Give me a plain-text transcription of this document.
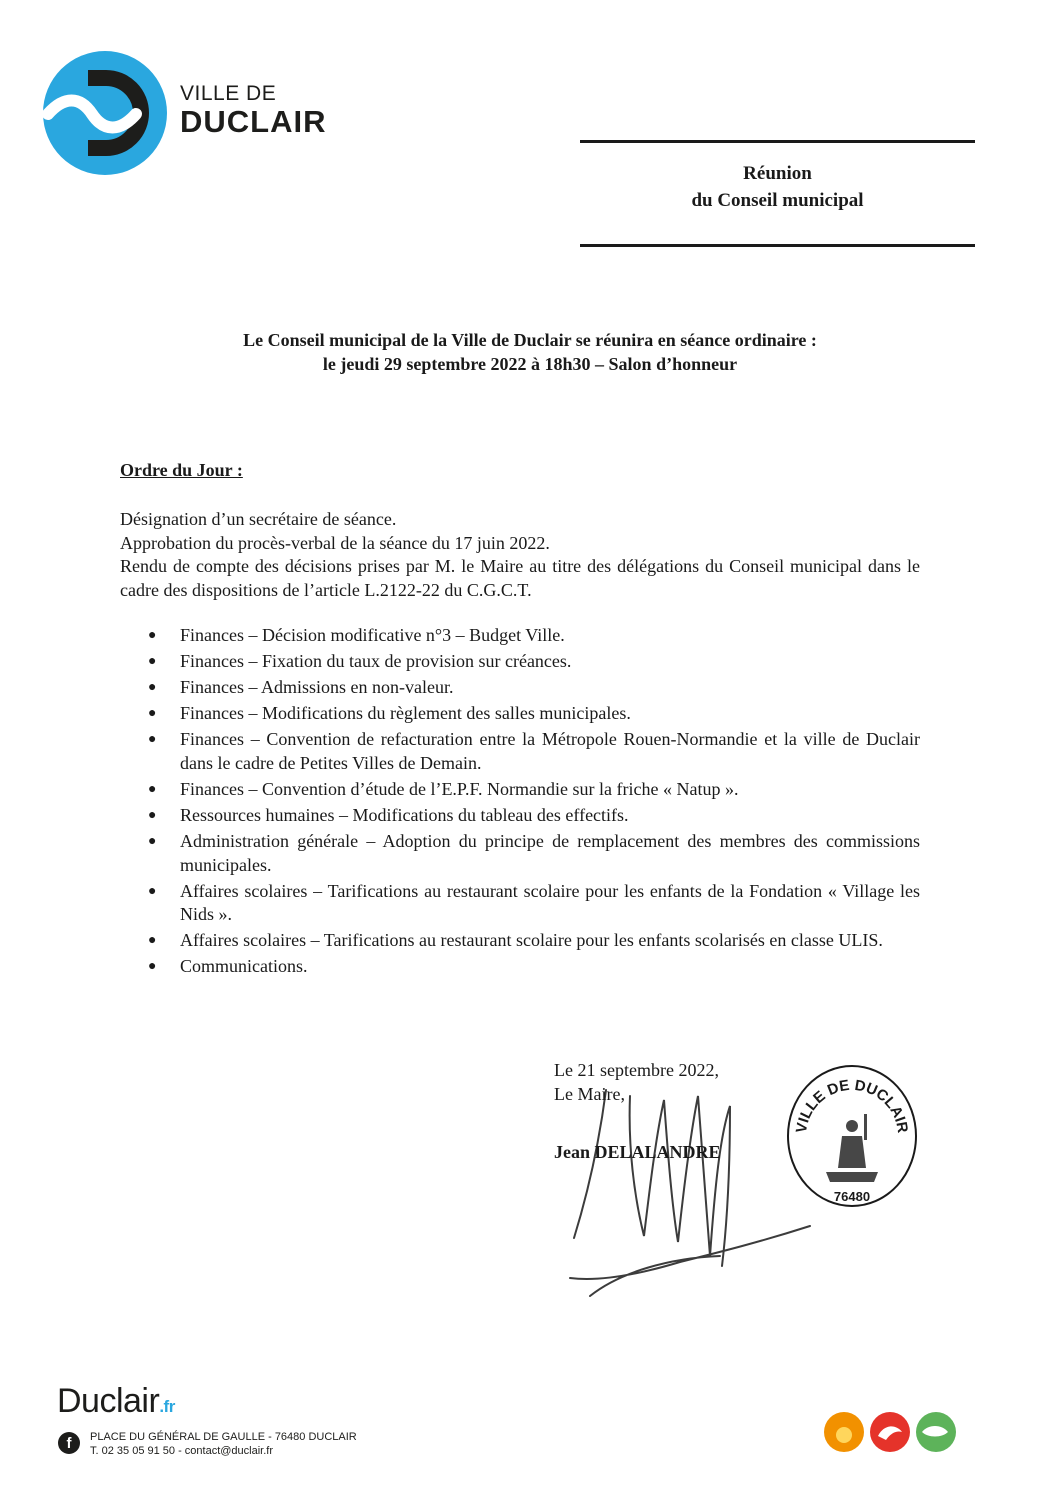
VILLE DE
DUCLAIR
Réunion
du Conseil municipal
Le Conseil municipal de la Ville de Duclair se réunira en séance ordinaire :
le jeudi 29 septembre 2022 à 18h30 – Salon d’honneur
Ordre du Jour :

Désignation d’un secrétaire de séance.

Approbation du procès-verbal de la séance du 17 juin 2022.

Rendu de compte des décisions prises par M. le Maire au titre des délégations du Conseil municipal dans le cadre des dispositions de l’article L.2122-22 du C.G.C.T.

● Finances – Décision modificative n°3 – Budget Ville.
● Finances – Fixation du taux de provision sur créances.
● Finances – Admissions en non-valeur.
● Finances – Modifications du règlement des salles municipales.
● Finances – Convention de refacturation entre la Métropole Rouen-Normandie et la ville de Duclair dans le cadre de Petites Villes de Demain.
● Finances – Convention d’étude de l’E.P.F. Normandie sur la friche « Natup ».
● Ressources humaines – Modifications du tableau des effectifs.
● Administration générale – Adoption du principe de remplacement des membres des commissions municipales.
● Affaires scolaires – Tarifications au restaurant scolaire pour les enfants de la Fondation « Village les Nids ».
● Affaires scolaires – Tarifications au restaurant scolaire pour les enfants scolarisés en classe ULIS.
● Communications.
Le 21 septembre 2022,
Le Maire,
Jean DELALANDRE
VILLE DE DUCLAIR
76480
Duclair.fr
f	PLACE DU GÉNÉRAL DE GAULLE - 76480 DUCLAIR
T. 02 35 05 91 50 - contact@duclair.fr
